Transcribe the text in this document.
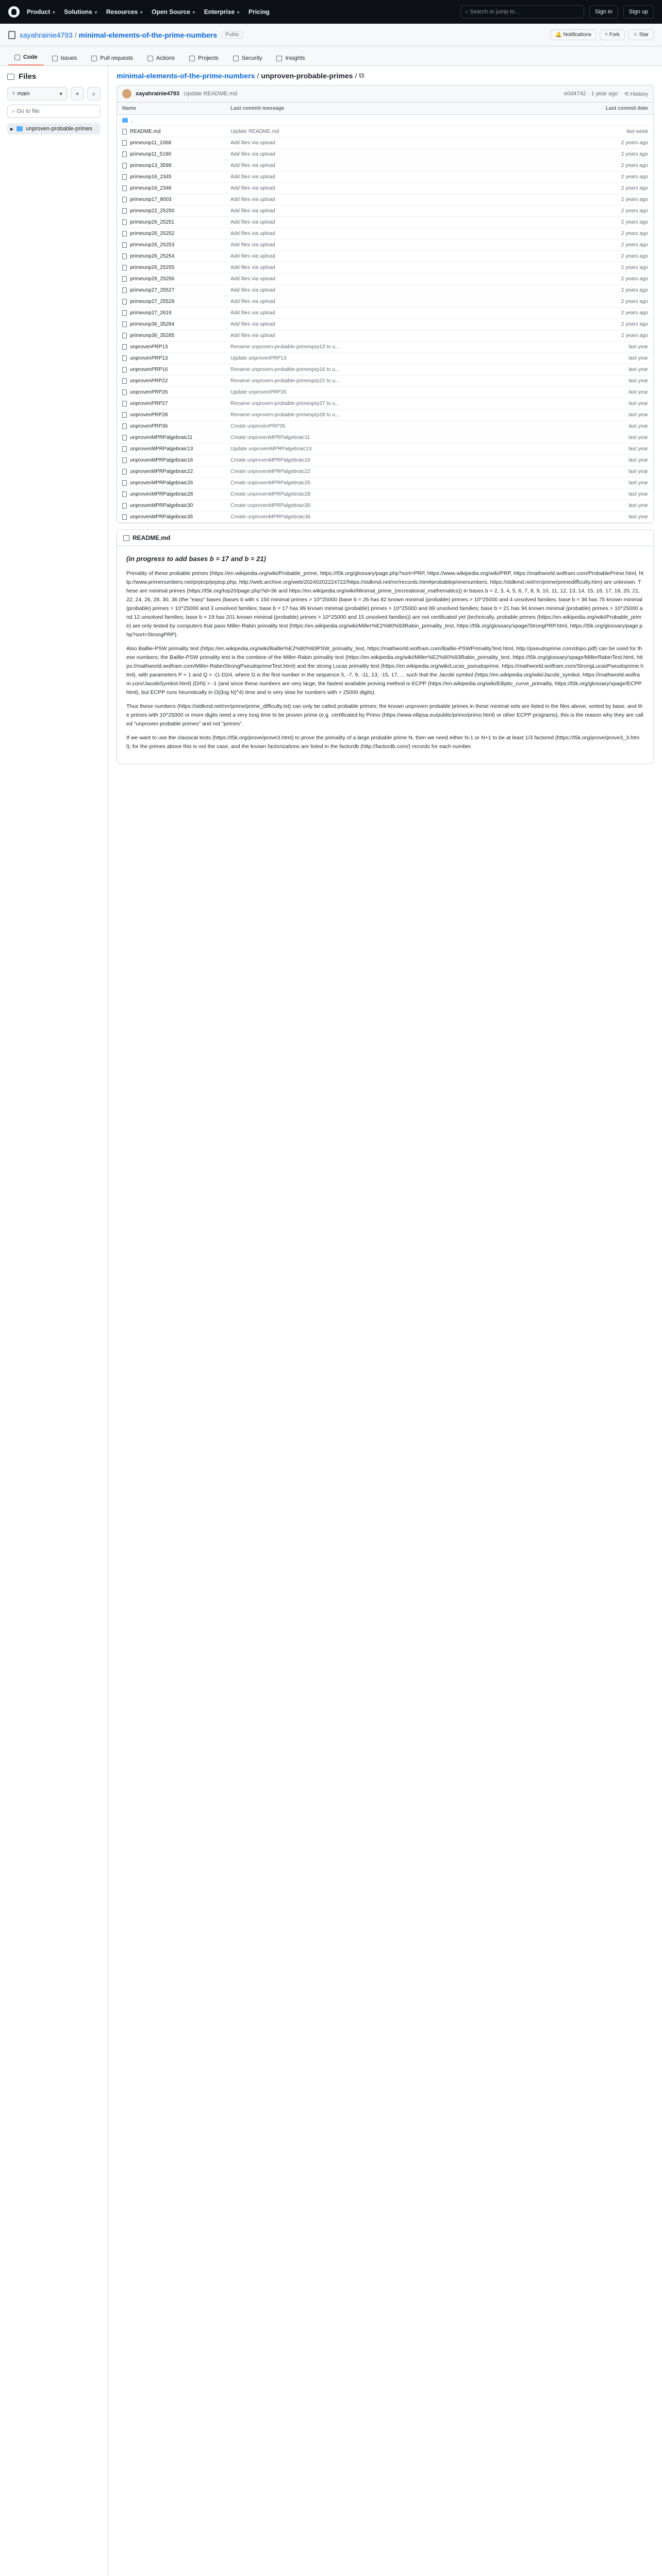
Product ▼ Solutions ▼ Resources ▼ Open Source ▼ Enterprise ▼ Pricing	⌕ Search or jump to...	Sign in	Sign up
xayahrainie4793 / minimal-elements-of-the-prime-numbers	Public	🔔 Notifications	⑂ Fork	☆ Star
Code	Issues	Pull requests	Actions	Projects	Security	Insights
Files
⑂ main	▼ + ⌕
⌕ Go to file
▶ unproven-probable-primes
minimal-elements-of-the-prime-numbers / unproven-probable-primes / ⧉
xayahrainie4793 Update README.md	e0d4742 · 1 year ago ⟲ History
Name	Last commit message	Last commit date
..
README.md	Update README.md	last week
primeunp11_1068	Add files via upload	2 years ago
primeunp11_5190	Add files via upload	2 years ago
primeunp13_3599	Add files via upload	2 years ago
primeunp16_2345	Add files via upload	2 years ago
primeunp16_2346	Add files via upload	2 years ago
primeunp17_8003	Add files via upload	2 years ago
primeunp22_25250	Add files via upload	2 years ago
primeunp26_25251	Add files via upload	2 years ago
primeunp26_25252	Add files via upload	2 years ago
primeunp26_25253	Add files via upload	2 years ago
primeunp26_25254	Add files via upload	2 years ago
primeunp26_25255	Add files via upload	2 years ago
primeunp26_25256	Add files via upload	2 years ago
primeunp27_25527	Add files via upload	2 years ago
primeunp27_25528	Add files via upload	2 years ago
primeunp27_2619	Add files via upload	2 years ago
primeunp36_35284	Add files via upload	2 years ago
primeunp36_35285	Add files via upload	2 years ago
unprovenPRP13	Rename unproven-probable-primesprp13 to u...	last year
unprovenPRP13	Update unprovenPRP13	last year
unprovenPRP16	Rename unproven-probable-primesprp16 to u...	last year
unprovenPRP22	Rename unproven-probable-primesprp22 to u...	last year
unprovenPRP26	Update unprovenPRP26	last year
unprovenPRP27	Rename unproven-probable-primesprp27 to u...	last year
unprovenPRP28	Rename unproven-probable-primesprp28 to u...	last year
unprovenPRP36	Create unprovenPRP36	last year
unprovenMPRPalgebraic11	Create unprovenMPRPalgebraic11	last year
unprovenMPRPalgebraic13	Update unprovenMPRPalgebraic13	last year
unprovenMPRPalgebraic16	Create unprovenMPRPalgebraic16	last year
unprovenMPRPalgebraic22	Create unprovenMPRPalgebraic22	last year
unprovenMPRPalgebraic26	Create unprovenMPRPalgebraic26	last year
unprovenMPRPalgebraic28	Create unprovenMPRPalgebraic28	last year
unprovenMPRPalgebraic30	Create unprovenMPRPalgebraic30	last year
unprovenMPRPalgebraic36	Create unprovenMPRPalgebraic36	last year
README.md
(in progress to add bases b = 17 and b = 21)

Primality of these probable primes (https://en.wikipedia.org/wiki/Probable_prime, https://t5k.org/glossary/page.php?sort=PRP, https://www.wikipedia.org/wiki/PRP, https://mathworld.wolfram.com/ProbablePrime.html, http://www.primenumbers.net/prptop/prptop.php, http://web.archive.org/web/20240202224722/https://stdkmd.net/nrr/records.htm#probableprimenumbers, https://stdkmd.net/nrr/prime/primedifficulty.htm) are unknown. These are minimal primes (https://t5k.org/top20/page.php?id=36 and https://en.wikipedia.org/wiki/Minimal_prime_(recreational_mathematics)) in bases b = 2, 3, 4, 5, 6, 7, 8, 9, 10, 11, 12, 13, 14, 15, 16, 17, 18, 20, 21, 22, 24, 26, 28, 30, 36 (the "easy" bases (bases b with ≤ 150 minimal primes > 10^25000 (base b = 26 has 82 known minimal (probable) primes > 10^25000 and 4 unsolved families; base b = 36 has 75 known minimal (probable) primes > 10^25000 and 3 unsolved families; base b = 17 has 99 known minimal (probable) primes > 10^25000 and 89 unsolved families; base b = 21 has 94 known minimal (probable) primes > 10^25000 and 12 unsolved families; base b = 19 has 201 known minimal (probable) primes > 10^25000 and 15 unsolved families)) are not certificated yet (technically, probable primes (https://en.wikipedia.org/wiki/Probable_prime) are only tested by computers that pass Miller-Rabin primality test (https://en.wikipedia.org/wiki/Miller%E2%80%93Rabin_primality_test, https://t5k.org/glossary/xpage/StrongPRP.html, https://t5k.org/glossary/page.php?sort=StrongPRP).

Also Baillie-PSW primality test (https://en.wikipedia.org/wiki/Baillie%E2%80%93PSW_primality_test, https://mathworld.wolfram.com/Baillie-PSWPrimalityTest.html, http://pseudoprime.com/dopo.pdf) can be used for these numbers; the Baillie-PSW primality test is the combine of the Miller-Rabin primality test (https://en.wikipedia.org/wiki/Miller%E2%80%93Rabin_primality_test, https://t5k.org/glossary/xpage/MillerRabinTest.html, https://mathworld.wolfram.com/Miller-RabinStrongPseudoprimeTest.html) and the strong Lucas primality test (https://en.wikipedia.org/wiki/Lucas_pseudoprime, https://mathworld.wolfram.com/StrongLucasPseudoprime.html), with parameters P = 1 and Q = -(1-D)/4, where D is the first number in the sequence 5, -7, 9, -11, 13, -15, 17, ... such that the Jacobi symbol (https://en.wikipedia.org/wiki/Jacobi_symbol, https://mathworld.wolfram.com/JacobiSymbol.html) (D/N) = -1 (and since these numbers are very large, the fastest available proving method is ECPP (https://en.wikipedia.org/wiki/Elliptic_curve_primality, https://t5k.org/glossary/xpage/ECPP.html), but ECPP runs heuristically in O((log N)^4) time and is very slow for numbers with > 25000 digits).

Thus these numbers (https://stdkmd.net/nrr/prime/prime_difficulty.txt) can only be called probable primes; the known unproven probable primes in these minimal sets are listed in the files above, sorted by base, and the primes with 10^25000 or more digits need a very long time to be proven prime (e.g. certificated by Primo (https://www.ellipsa.eu/public/primo/primo.html) or other ECPP programs), this is the reason why they are called "unproven probable primes" and not "primes".

If we want to use the classical tests (https://t5k.org/prove/prove3.html) to prove the primality of a large probable prime N, then we need either N-1 or N+1 to be at least 1/3 factored (https://t5k.org/prove/prove3_3.html); for the primes above this is not the case, and the known factorizations are listed in the factordb (http://factordb.com/) records for each number.
